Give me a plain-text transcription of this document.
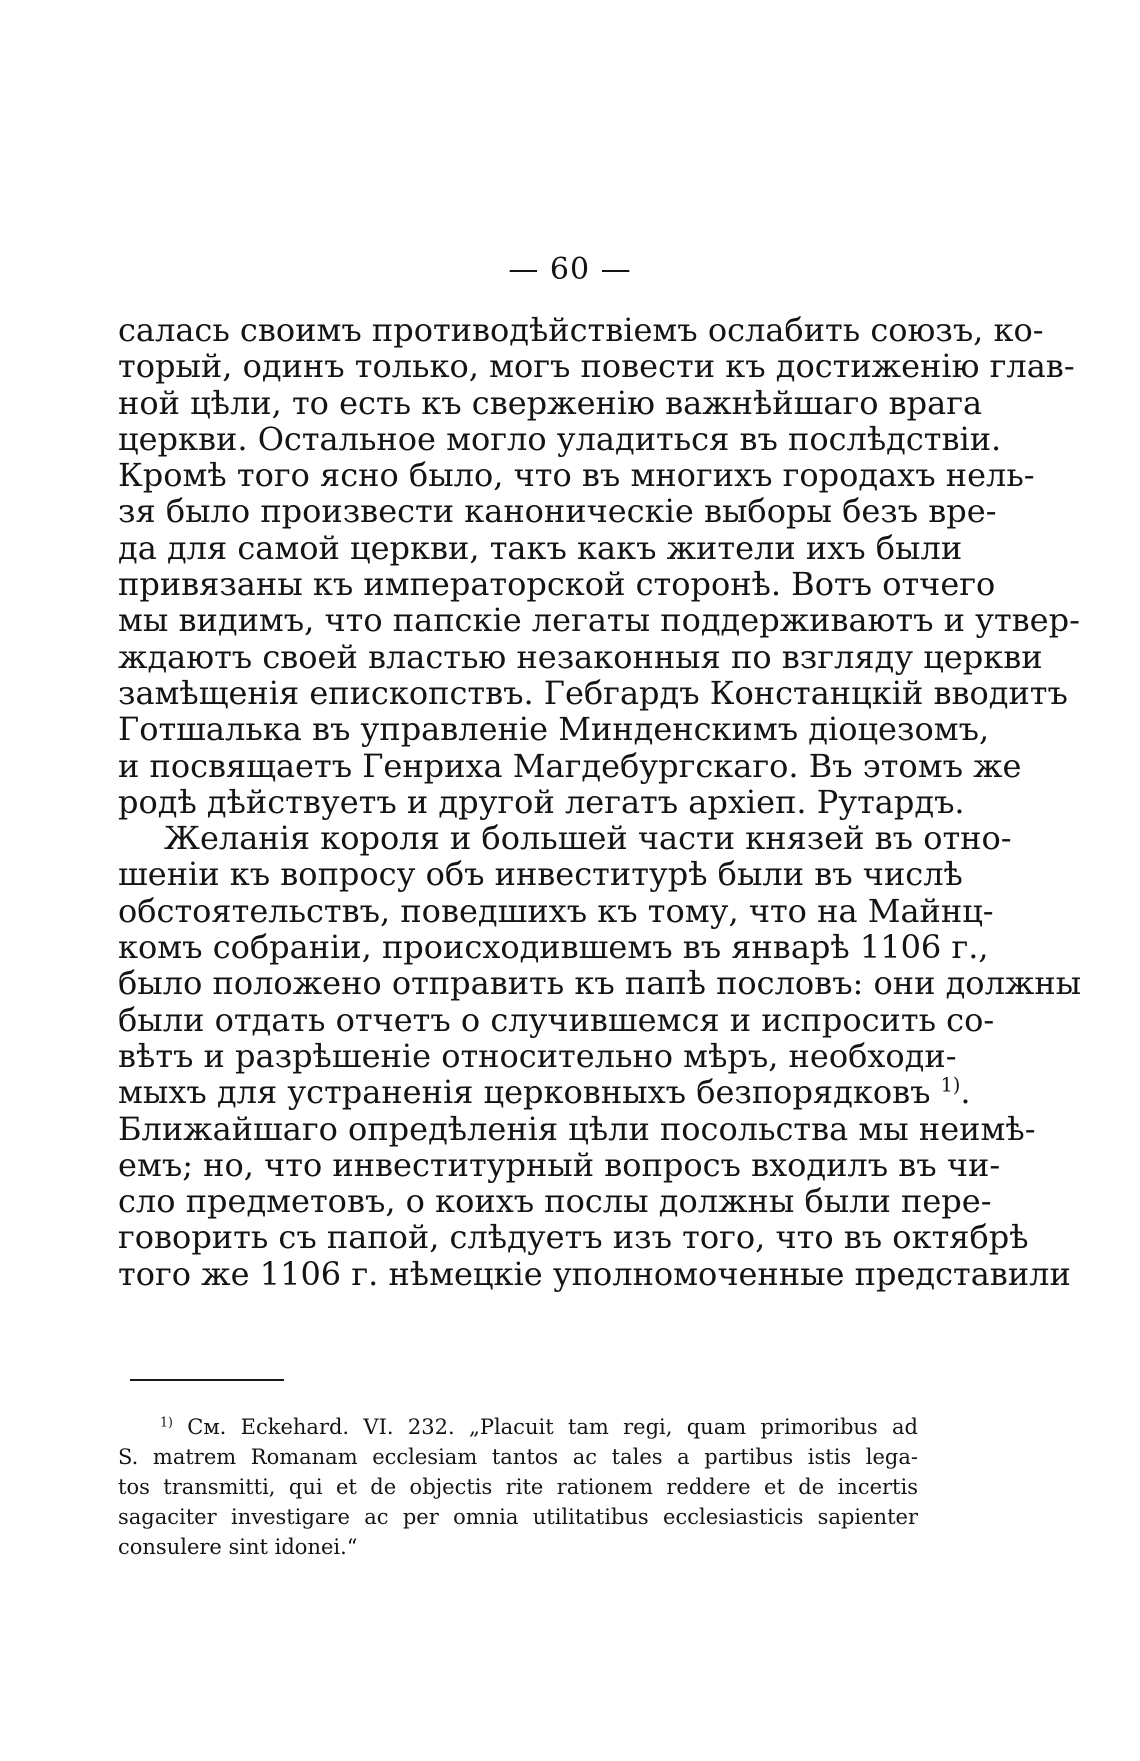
— 60 —
салась своимъ противодѣйствіемъ ослабить союзъ, ко-
торый, одинъ только, могъ повести къ достиженію глав-
ной цѣли, то есть къ сверженію важнѣйшаго врага
церкви. Остальное могло уладиться въ послѣдствіи.
Кромѣ того ясно было, что въ многихъ городахъ нель-
зя было произвести каноническіе выборы безъ вре-
да для самой церкви, такъ какъ жители ихъ были
привязаны къ императорской сторонѣ. Вотъ отчего
мы видимъ, что папскіе легаты поддерживаютъ и утвер-
ждаютъ своей властью незаконныя по взгляду церкви
замѣщенія епископствъ. Гебгардъ Констанцкій вводитъ
Готшалька въ управленіе Минденскимъ діоцезомъ,
и посвящаетъ Генриха Магдебургскаго. Въ этомъ же
родѣ дѣйствуетъ и другой легатъ архіеп. Рутардъ.
Желанія короля и большей части князей въ отно-
шеніи къ вопросу объ инвеститурѣ были въ числѣ
обстоятельствъ, поведшихъ къ тому, что на Майнц-
комъ собраніи, происходившемъ въ январѣ 1106 г.,
было положено отправить къ папѣ пословъ: они должны
были отдать отчетъ о случившемся и испросить со-
вѣтъ и разрѣшеніе относительно мѣръ, необходи-
мыхъ для устраненія церковныхъ безпорядковъ $^{1)}$.
Ближайшаго опредѣленія цѣли посольства мы неимѣ-
емъ; но, что инвеститурный вопросъ входилъ въ чи-
сло предметовъ, о коихъ послы должны были пере-
говорить съ папой, слѣдуетъ изъ того, что въ октябрѣ
того же 1106 г. нѣмецкіе уполномоченные представили
$^{1)}$ См. Eckehard. VI. 232. „Placuit tam regi, quam primoribus ad
S. matrem Romanam ecclesiam tantos ac tales a partibus istis lega-
tos transmitti, qui et de objectis rite rationem reddere et de incertis
sagaciter investigare ac per omnia utilitatibus ecclesiasticis sapienter
consulere sint idonei.“
